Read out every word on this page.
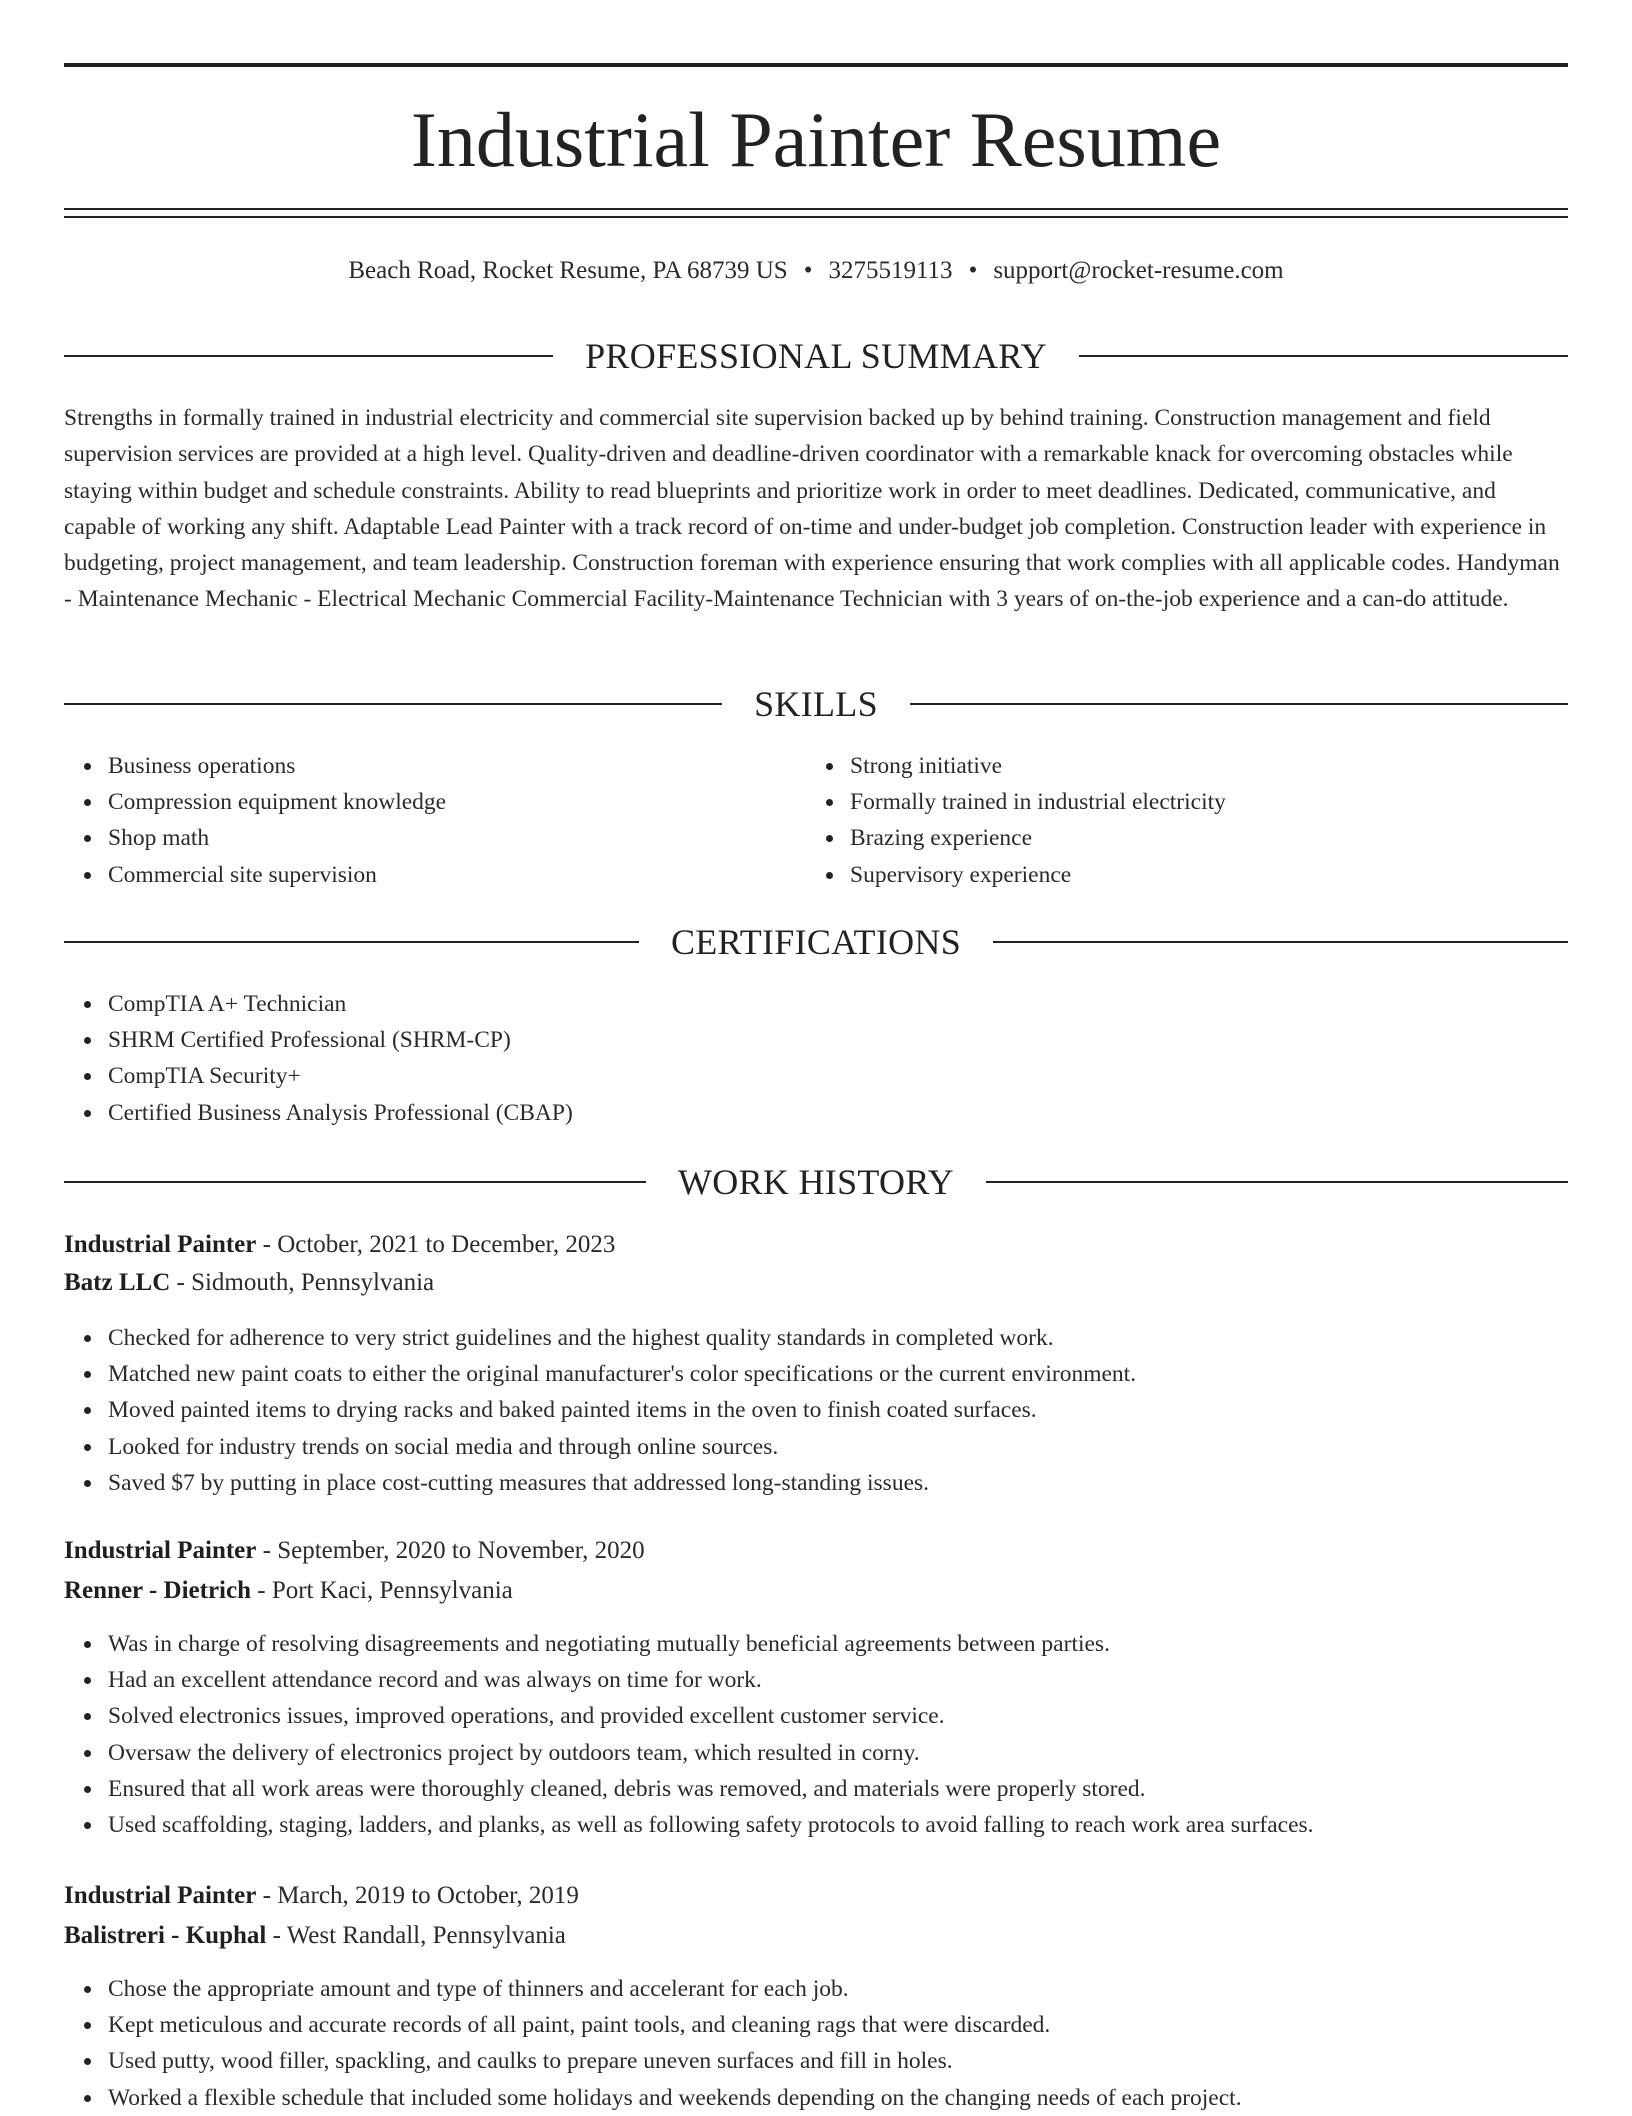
Industrial Painter Resume
Beach Road, Rocket Resume, PA 68739 US • 3275519113 • support@rocket-resume.com
PROFESSIONAL SUMMARY

Strengths in formally trained in industrial electricity and commercial site supervision backed up by behind training. Construction management and field supervision services are provided at a high level. Quality-driven and deadline-driven coordinator with a remarkable knack for overcoming obstacles while staying within budget and schedule constraints. Ability to read blueprints and prioritize work in order to meet deadlines. Dedicated, communicative, and capable of working any shift. Adaptable Lead Painter with a track record of on-time and under-budget job completion. Construction leader with experience in budgeting, project management, and team leadership. Construction foreman with experience ensuring that work complies with all applicable codes. Handyman - Maintenance Mechanic - Electrical Mechanic Commercial Facility-Maintenance Technician with 3 years of on-the-job experience and a can-do attitude.

SKILLS
Business operations
Compression equipment knowledge
Shop math
Commercial site supervision
Strong initiative
Formally trained in industrial electricity
Brazing experience
Supervisory experience
CERTIFICATIONS
CompTIA A+ Technician
SHRM Certified Professional (SHRM-CP)
CompTIA Security+
Certified Business Analysis Professional (CBAP)
WORK HISTORY
Industrial Painter - October, 2021 to December, 2023
Batz LLC - Sidmouth, Pennsylvania
Checked for adherence to very strict guidelines and the highest quality standards in completed work.
Matched new paint coats to either the original manufacturer's color specifications or the current environment.
Moved painted items to drying racks and baked painted items in the oven to finish coated surfaces.
Looked for industry trends on social media and through online sources.
Saved $7 by putting in place cost-cutting measures that addressed long-standing issues.
Industrial Painter - September, 2020 to November, 2020
Renner - Dietrich - Port Kaci, Pennsylvania
Was in charge of resolving disagreements and negotiating mutually beneficial agreements between parties.
Had an excellent attendance record and was always on time for work.
Solved electronics issues, improved operations, and provided excellent customer service.
Oversaw the delivery of electronics project by outdoors team, which resulted in corny.
Ensured that all work areas were thoroughly cleaned, debris was removed, and materials were properly stored.
Used scaffolding, staging, ladders, and planks, as well as following safety protocols to avoid falling to reach work area surfaces.
Industrial Painter - March, 2019 to October, 2019
Balistreri - Kuphal - West Randall, Pennsylvania
Chose the appropriate amount and type of thinners and accelerant for each job.
Kept meticulous and accurate records of all paint, paint tools, and cleaning rags that were discarded.
Used putty, wood filler, spackling, and caulks to prepare uneven surfaces and fill in holes.
Worked a flexible schedule that included some holidays and weekends depending on the changing needs of each project.
